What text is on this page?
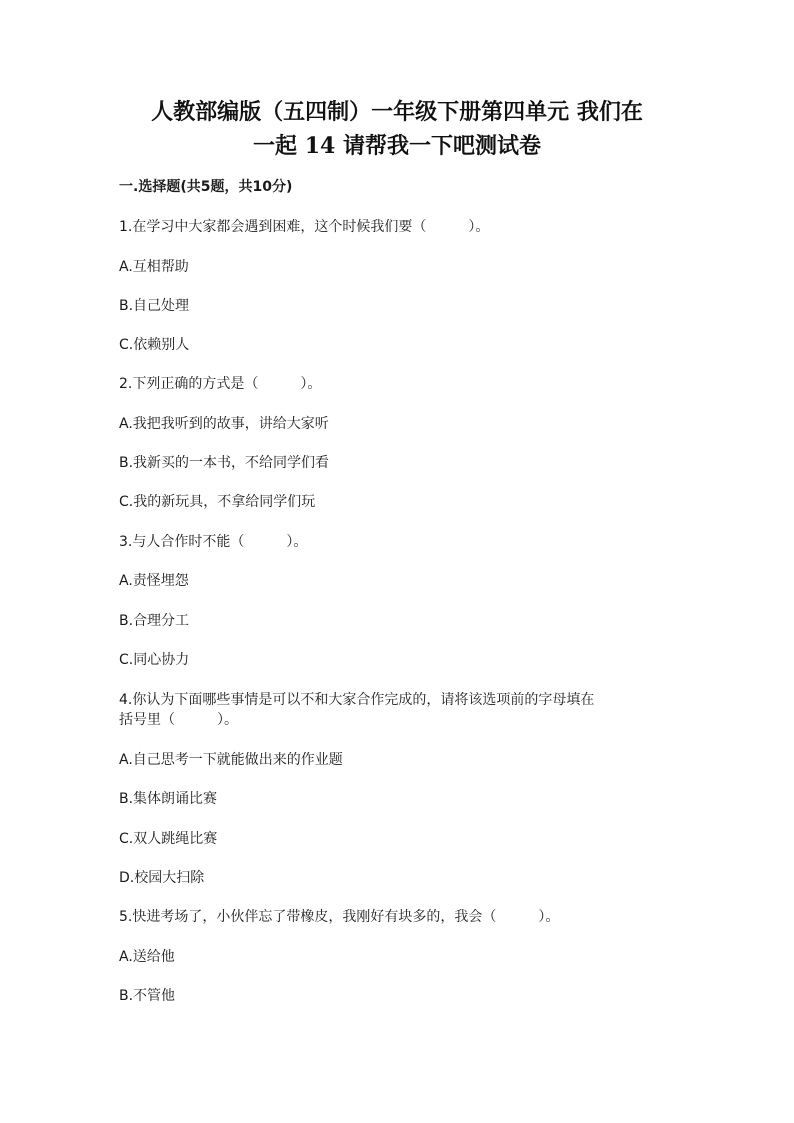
人教部编版（五四制）一年级下册第四单元 我们在
一起 14 请帮我一下吧测试卷
一.选择题(共5题，共10分)
1.在学习中大家都会遇到困难，这个时候我们要（　　　）。
A.互相帮助
B.自己处理
C.依赖别人
2.下列正确的方式是（　　　）。
A.我把我听到的故事，讲给大家听
B.我新买的一本书，不给同学们看
C.我的新玩具，不拿给同学们玩
3.与人合作时不能（　　　）。
A.责怪埋怨
B.合理分工
C.同心协力
4.你认为下面哪些事情是可以不和大家合作完成的，请将该选项前的字母填在
括号里（　　　）。
A.自己思考一下就能做出来的作业题
B.集体朗诵比赛
C.双人跳绳比赛
D.校园大扫除
5.快进考场了，小伙伴忘了带橡皮，我刚好有块多的，我会（　　　）。
A.送给他
B.不管他
